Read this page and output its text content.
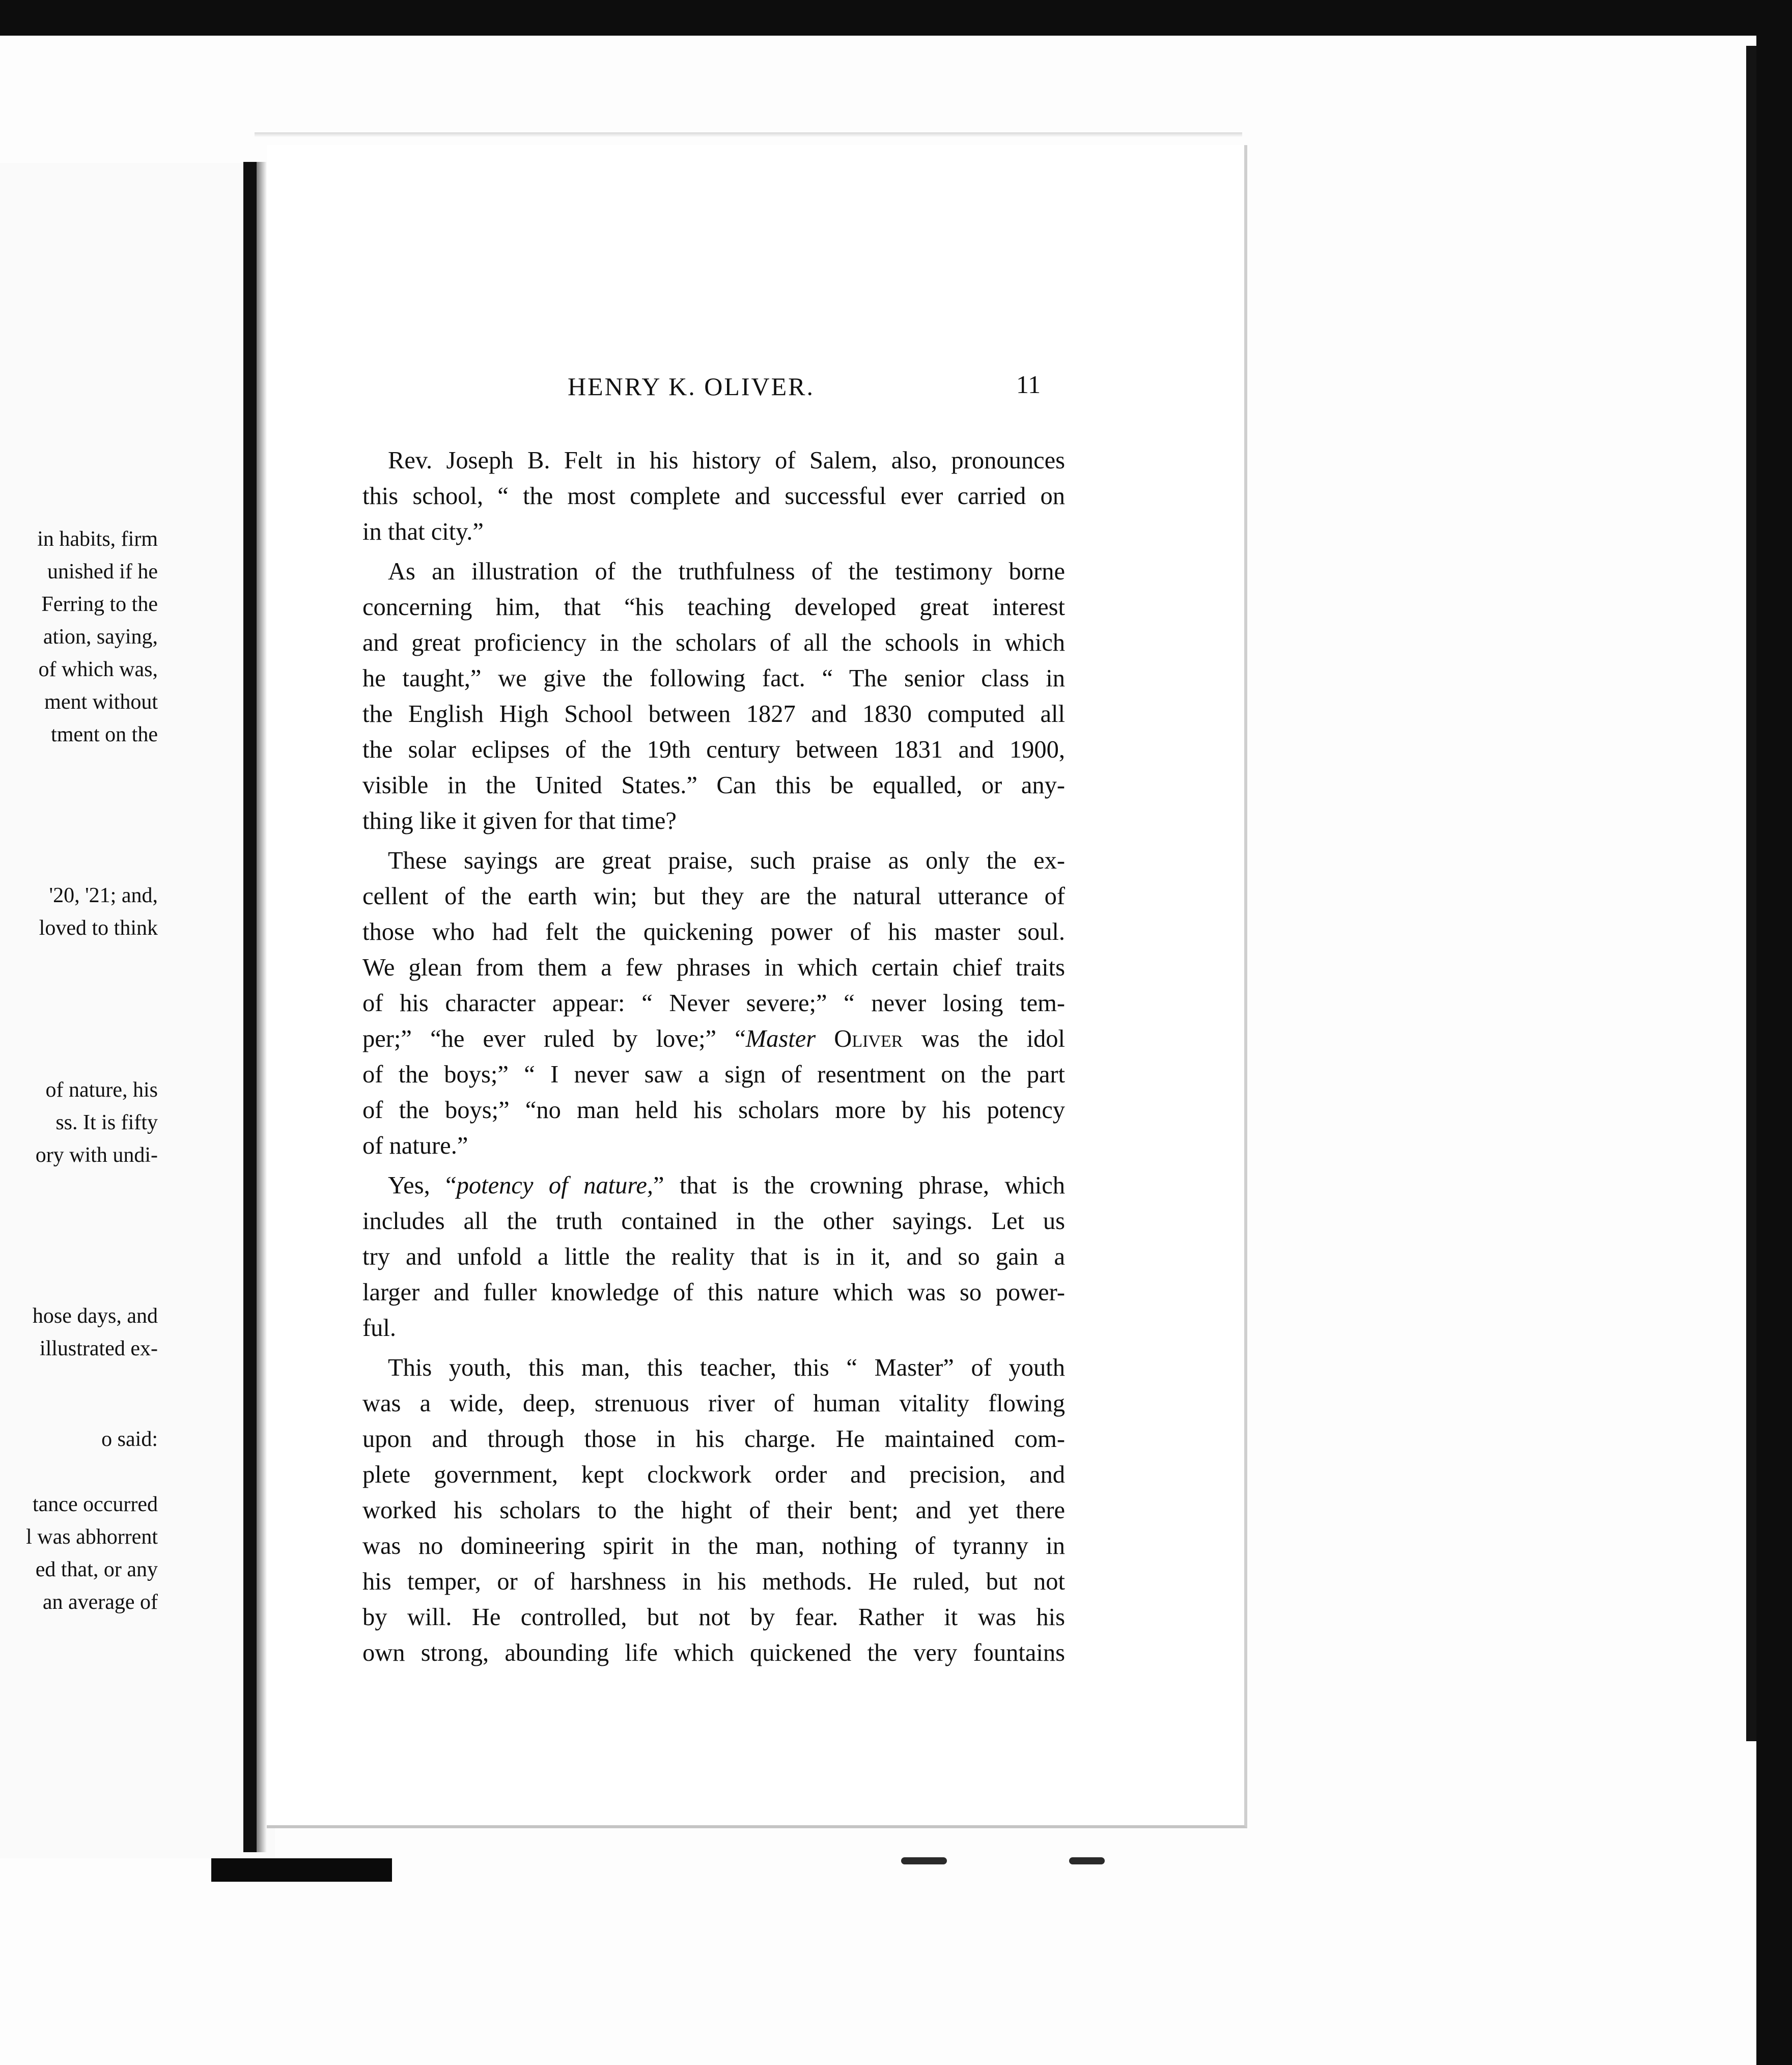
in habits, firm
unished if he
Ferring to the
ation, saying,
of which was,
ment without
tment on the
'20, '21; and,
loved to think
of nature, his
ss. It is fifty
ory with undi-
hose days, and
illustrated ex-
o said:
tance occurred
l was abhorrent
ed that, or any
an average of
HENRY K. OLIVER.	11
Rev. Joseph B. Felt in his history of Salem, also, pronounces
this school, “ the most complete and successful ever carried on
in that city.”
As an illustration of the truthfulness of the testimony borne
concerning him, that “his teaching developed great interest
and great proficiency in the scholars of all the schools in which
he taught,” we give the following fact. “ The senior class in
the English High School between 1827 and 1830 computed all
the solar eclipses of the 19th century between 1831 and 1900,
visible in the United States.” Can this be equalled, or any-
thing like it given for that time?
These sayings are great praise, such praise as only the ex-
cellent of the earth win; but they are the natural utterance of
those who had felt the quickening power of his master soul.
We glean from them a few phrases in which certain chief traits
of his character appear: “ Never severe;” “ never losing tem-
per;” “he ever ruled by love;” “Master Oliver was the idol
of the boys;” “ I never saw a sign of resentment on the part
of the boys;” “no man held his scholars more by his potency
of nature.”
Yes, “potency of nature,” that is the crowning phrase, which
includes all the truth contained in the other sayings. Let us
try and unfold a little the reality that is in it, and so gain a
larger and fuller knowledge of this nature which was so power-
ful.
This youth, this man, this teacher, this “ Master” of youth
was a wide, deep, strenuous river of human vitality flowing
upon and through those in his charge. He maintained com-
plete government, kept clockwork order and precision, and
worked his scholars to the hight of their bent; and yet there
was no domineering spirit in the man, nothing of tyranny in
his temper, or of harshness in his methods. He ruled, but not
by will. He controlled, but not by fear. Rather it was his
own strong, abounding life which quickened the very fountains
